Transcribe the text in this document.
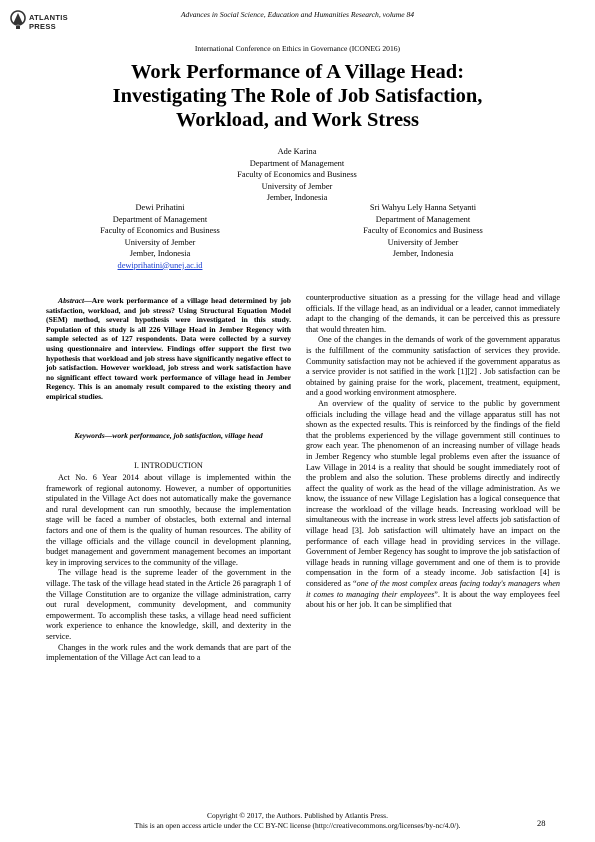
ATLANTIS
PRESS
Advances in Social Science, Education and Humanities Research, volume 84
International Conference on Ethics in Governance (ICONEG 2016)
Work Performance of A Village Head:
Investigating The Role of Job Satisfaction,
Workload, and Work Stress
Ade Karina
Department of Management
Faculty of Economics and Business
University of Jember
Jember, Indonesia
Dewi Prihatini
Department of Management
Faculty of Economics and Business
University of Jember
Jember, Indonesia
dewiprihatini@unej.ac.id
Sri Wahyu Lely Hanna Setyanti
Department of Management
Faculty of Economics and Business
University of Jember
Jember, Indonesia

Abstract—Are work performance of a village head determined by job satisfaction, workload, and job stress? Using Structural Equation Model (SEM) method, several hypothesis were investigated in this study. Population of this study is all 226 Village Head in Jember Regency with sample selected as of 127 respondents. Data were collected by a survey using questionnaire and interview. Findings offer support the first two hypothesis that workload and job stress have significantly negative effect to job satisfaction. However workload, job stress and work satisfaction have no significant effect toward work performance of village head in Jember Regency. This is an anomaly result compared to the existing theory and empirical studies.

Keywords—work performance, job satisfaction, village head
I. INTRODUCTION

Act No. 6 Year 2014 about village is implemented within the framework of regional autonomy. However, a number of opportunities stipulated in the Village Act does not automatically make the governance and rural development can run smoothly, because the implementation stage will be faced a number of obstacles, both external and internal factors and one of them is the quality of human resources. The ability of the village officials and the village council in development planning, budget management and government management becomes an important key in improving services to the community of the village.

The village head is the supreme leader of the government in the village. The task of the village head stated in the Article 26 paragraph 1 of the Village Constitution are to organize the village administration, carry out rural development, community development, and community empowerment. To accomplish these tasks, a village head need sufficient work experience to enhance the knowledge, skill, and dexterity in the service.

Changes in the work rules and the work demands that are part of the implementation of the Village Act can lead to a

counterproductive situation as a pressing for the village head and village officials. If the village head, as an individual or a leader, cannot immediately adapt to the changing of the demands, it can be perceived this as pressure that would threaten him.

One of the changes in the demands of work of the government apparatus is the fulfillment of the community satisfaction of services they provide. Community satisfaction may not be achieved if the government apparatus as a service provider is not satified in the work [1][2] . Job satisfaction can be obtained by gaining praise for the work, placement, treatment, equipment, and a good working environment atmosphere.

An overview of the quality of service to the public by government officials including the village head and the village apparatus still has not shown as the expected results. This is reinforced by the findings of the field that the problems experienced by the village government still continues to grow each year. The phenomenon of an increasing number of village heads in Jember Regency who stumble legal problems even after the issuance of Law Village in 2014 is a reality that should be sought immediately root of the problem and also the solution. These problems directly and indirectly affect the quality of work as the head of the village administration. As we know, the issuance of new Village Legislation has a logical consequence that increase the workload of the village heads. Increasing workload will be simultaneous with the increase in work stress level affects job satisfaction of village head [3]. Job satisfaction will ultimately have an impact on the performance of each village head in providing services in the village. Government of Jember Regency has sought to improve the job satisfaction of village heads in running village government and one of them is to provide compensation in the form of a steady income. Job satisfaction [4] is considered as “one of the most complex areas facing today's managers when it comes to managing their employees”. It is about the way employees feel about his or her job. It can be simplified that

Copyright © 2017, the Authors. Published by Atlantis Press.
This is an open access article under the CC BY-NC license (http://creativecommons.org/licenses/by-nc/4.0/).	28
